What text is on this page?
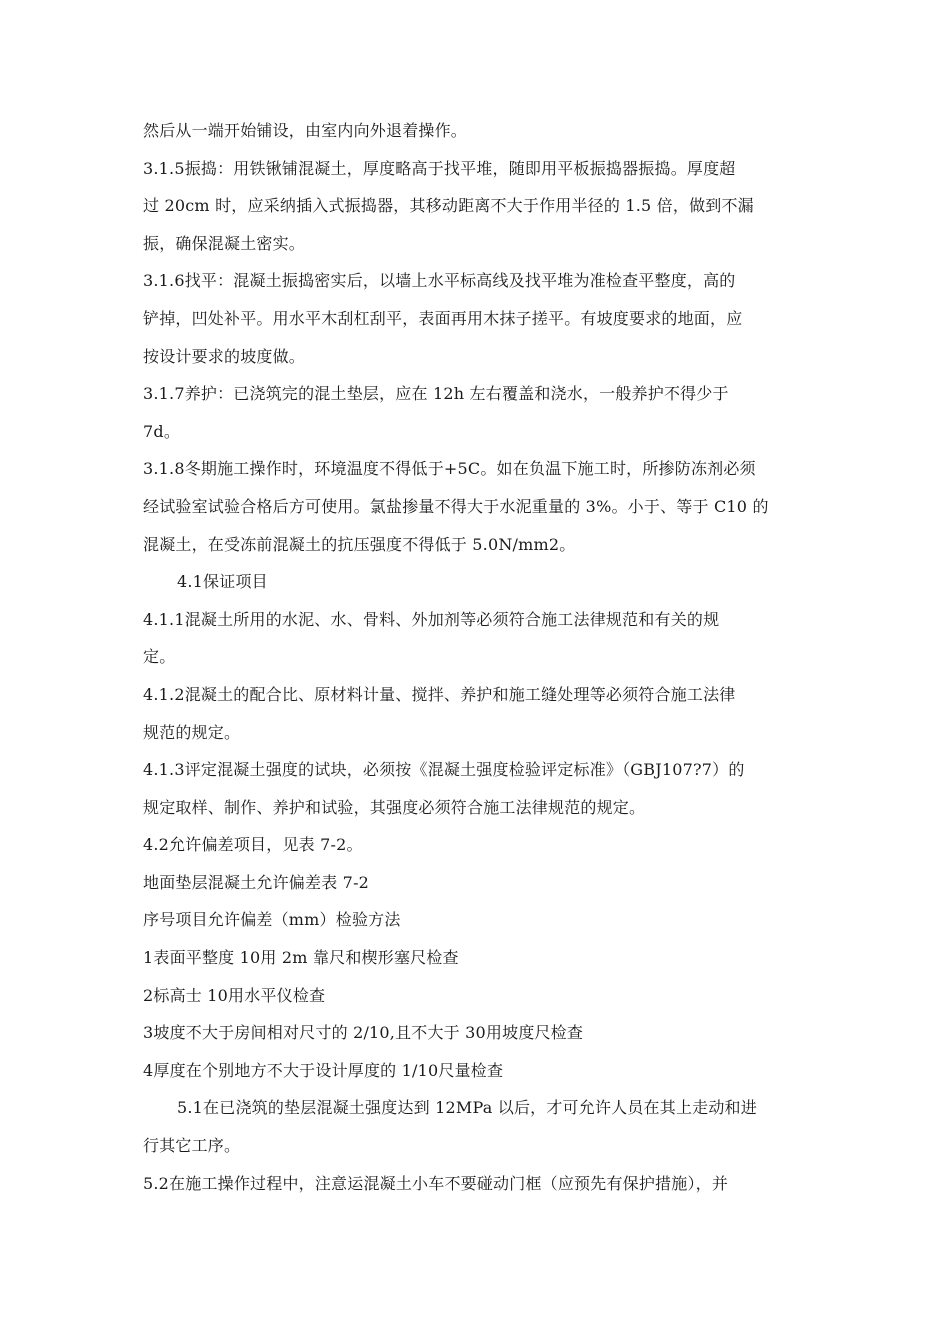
然后从一端开始铺设，由室内向外退着操作。
3.1.5振捣：用铁锹铺混凝土，厚度略高于找平堆，随即用平板振捣器振捣。厚度超
过 20cm 时，应采纳插入式振捣器，其移动距离不大于作用半径的 1.5 倍，做到不漏
振，确保混凝土密实。
3.1.6找平：混凝土振捣密实后，以墙上水平标高线及找平堆为准检查平整度，高的
铲掉，凹处补平。用水平木刮杠刮平，表面再用木抹子搓平。有坡度要求的地面，应
按设计要求的坡度做。
3.1.7养护：已浇筑完的混土垫层，应在 12h 左右覆盖和浇水，一般养护不得少于
7d。
3.1.8冬期施工操作时，环境温度不得低于+5C。如在负温下施工时，所掺防冻剂必须
经试验室试验合格后方可使用。氯盐掺量不得大于水泥重量的 3%。小于、等于 C10 的
混凝土，在受冻前混凝土的抗压强度不得低于 5.0N/mm2。
4.1保证项目
4.1.1混凝土所用的水泥、水、骨料、外加剂等必须符合施工法律规范和有关的规
定。
4.1.2混凝土的配合比、原材料计量、搅拌、养护和施工缝处理等必须符合施工法律
规范的规定。
4.1.3评定混凝土强度的试块，必须按《混凝土强度检验评定标准》（GBJ107?7）的
规定取样、制作、养护和试验，其强度必须符合施工法律规范的规定。
4.2允许偏差项目，见表 7-2。
地面垫层混凝土允许偏差表 7-2
序号项目允许偏差（mm）检验方法
1表面平整度 10用 2m 靠尺和楔形塞尺检查
2标高士 10用水平仪检查
3坡度不大于房间相对尺寸的 2/10,且不大于 30用坡度尺检查
4厚度在个别地方不大于设计厚度的 1/10尺量检查
5.1在已浇筑的垫层混凝土强度达到 12MPa 以后，才可允许人员在其上走动和进
行其它工序。
5.2在施工操作过程中，注意运混凝土小车不要碰动门框（应预先有保护措施），并
